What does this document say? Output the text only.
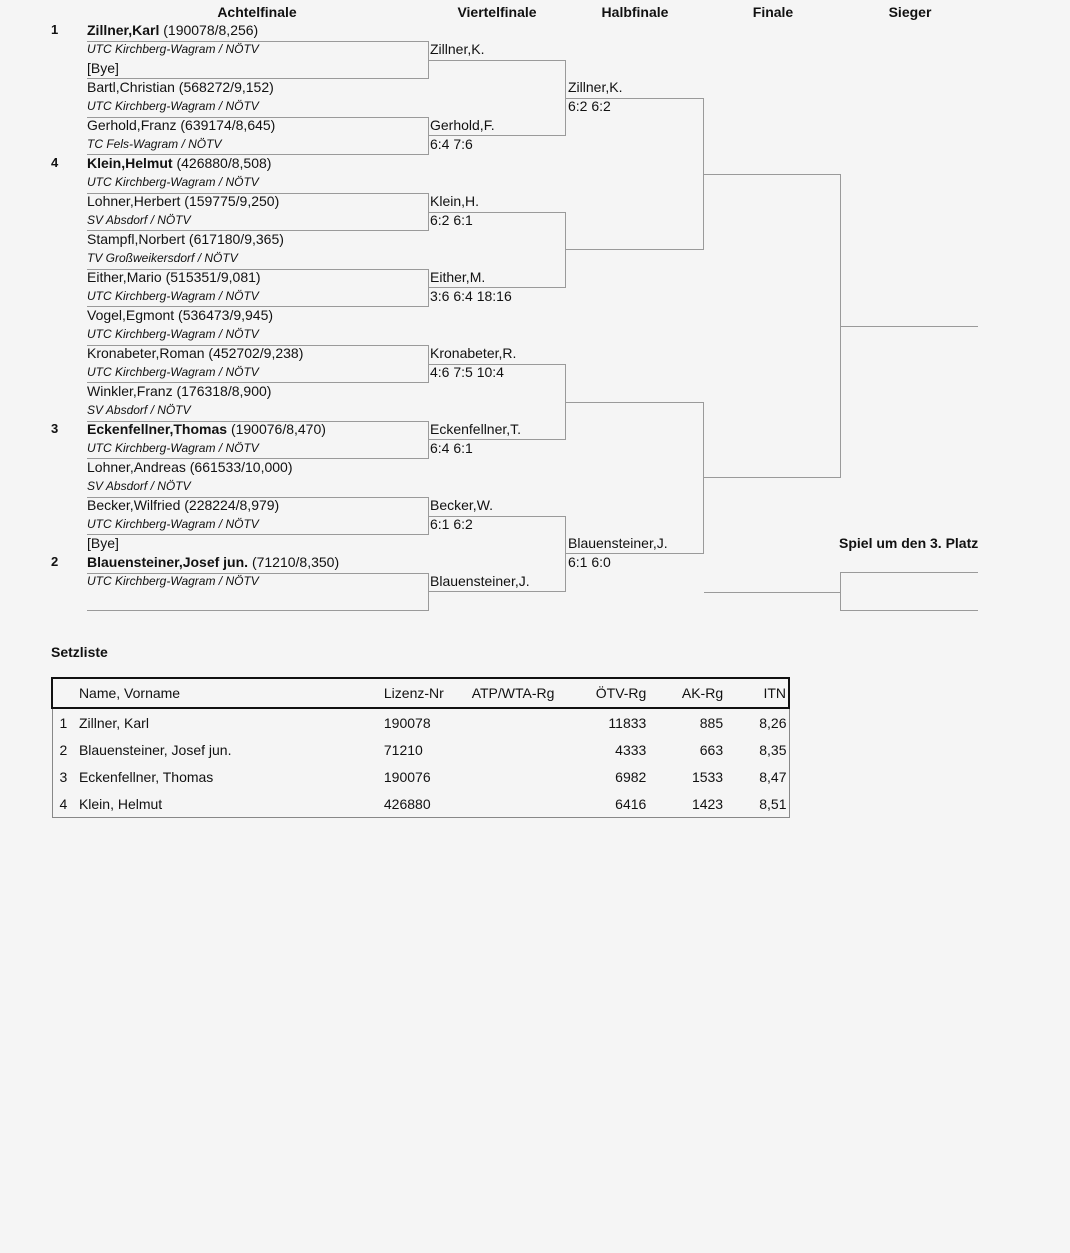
Achtelfinale	Viertelfinale	Halbfinale	Finale	Sieger
1 Zillner,Karl (190078/8,256)
UTC Kirchberg-Wagram / NÖTV
[Bye]
Bartl,Christian (568272/9,152)
UTC Kirchberg-Wagram / NÖTV
Gerhold,Franz (639174/8,645)
TC Fels-Wagram / NÖTV
4 Klein,Helmut (426880/8,508)
UTC Kirchberg-Wagram / NÖTV
Lohner,Herbert (159775/9,250)
SV Absdorf / NÖTV
Stampfl,Norbert (617180/9,365)
TV Großweikersdorf / NÖTV
Either,Mario (515351/9,081)
UTC Kirchberg-Wagram / NÖTV
Vogel,Egmont (536473/9,945)
UTC Kirchberg-Wagram / NÖTV
Kronabeter,Roman (452702/9,238)
UTC Kirchberg-Wagram / NÖTV
Winkler,Franz (176318/8,900)
SV Absdorf / NÖTV
3 Eckenfellner,Thomas (190076/8,470)
UTC Kirchberg-Wagram / NÖTV
Lohner,Andreas (661533/10,000)
SV Absdorf / NÖTV
Becker,Wilfried (228224/8,979)
UTC Kirchberg-Wagram / NÖTV
[Bye]
2 Blauensteiner,Josef jun. (71210/8,350)
UTC Kirchberg-Wagram / NÖTV
Spiel um den 3. Platz
Zillner,K.
Gerhold,F.
6:4 7:6
Klein,H.
6:2 6:1
Either,M.
3:6 6:4 18:16
Kronabeter,R.
4:6 7:5 10:4
Eckenfellner,T.
6:4 6:1
Becker,W.
6:1 6:2
Blauensteiner,J.
Zillner,K.
6:2 6:2
Blauensteiner,J.
6:1 6:0
Setzliste
	Name, Vorname	Lizenz-Nr	ATP/WTA-Rg	ÖTV-Rg	AK-Rg	ITN
1	Zillner, Karl	190078		11833	885	8,26
2	Blauensteiner, Josef jun.	71210		4333	663	8,35
3	Eckenfellner, Thomas	190076		6982	1533	8,47
4	Klein, Helmut	426880		6416	1423	8,51
